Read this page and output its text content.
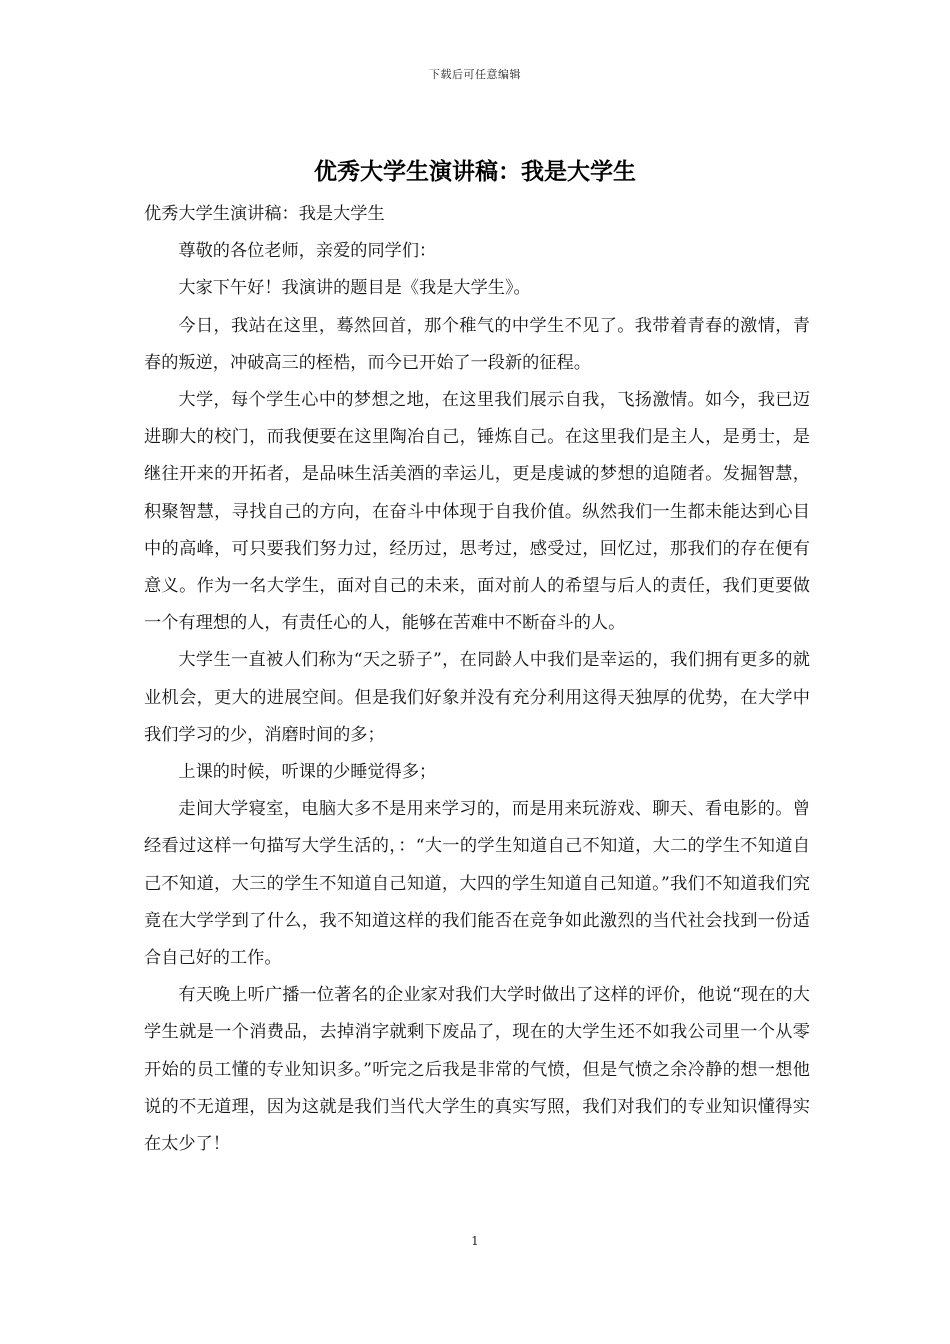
下载后可任意编辑
优秀大学生演讲稿：我是大学生

优秀大学生演讲稿：我是大学生

尊敬的各位老师，亲爱的同学们：

大家下午好！我演讲的题目是《我是大学生》。

今日，我站在这里，蓦然回首，那个稚气的中学生不见了。我带着青春的激情，青春的叛逆，冲破高三的桎梏，而今已开始了一段新的征程。

大学，每个学生心中的梦想之地，在这里我们展示自我，飞扬激情。如今，我已迈进聊大的校门，而我便要在这里陶冶自己，锤炼自己。在这里我们是主人，是勇士，是继往开来的开拓者，是品味生活美酒的幸运儿，更是虔诚的梦想的追随者。发掘智慧，积聚智慧，寻找自己的方向，在奋斗中体现于自我价值。纵然我们一生都未能达到心目中的高峰，可只要我们努力过，经历过，思考过，感受过，回忆过，那我们的存在便有意义。作为一名大学生，面对自己的未来，面对前人的希望与后人的责任，我们更要做一个有理想的人，有责任心的人，能够在苦难中不断奋斗的人。

大学生一直被人们称为“天之骄子”，在同龄人中我们是幸运的，我们拥有更多的就业机会，更大的进展空间。但是我们好象并没有充分利用这得天独厚的优势，在大学中我们学习的少，消磨时间的多；

上课的时候，听课的少睡觉得多；

走间大学寝室，电脑大多不是用来学习的，而是用来玩游戏、聊天、看电影的。曾经看过这样一句描写大学生活的，：“大一的学生知道自己不知道，大二的学生不知道自己不知道，大三的学生不知道自己知道，大四的学生知道自己知道。”我们不知道我们究竟在大学学到了什么，我不知道这样的我们能否在竞争如此激烈的当代社会找到一份适合自己好的工作。

有天晚上听广播一位著名的企业家对我们大学时做出了这样的评价，他说“现在的大学生就是一个消费品，去掉消字就剩下废品了，现在的大学生还不如我公司里一个从零开始的员工懂的专业知识多。”听完之后我是非常的气愤，但是气愤之余冷静的想一想他说的不无道理，因为这就是我们当代大学生的真实写照，我们对我们的专业知识懂得实在太少了！

1
